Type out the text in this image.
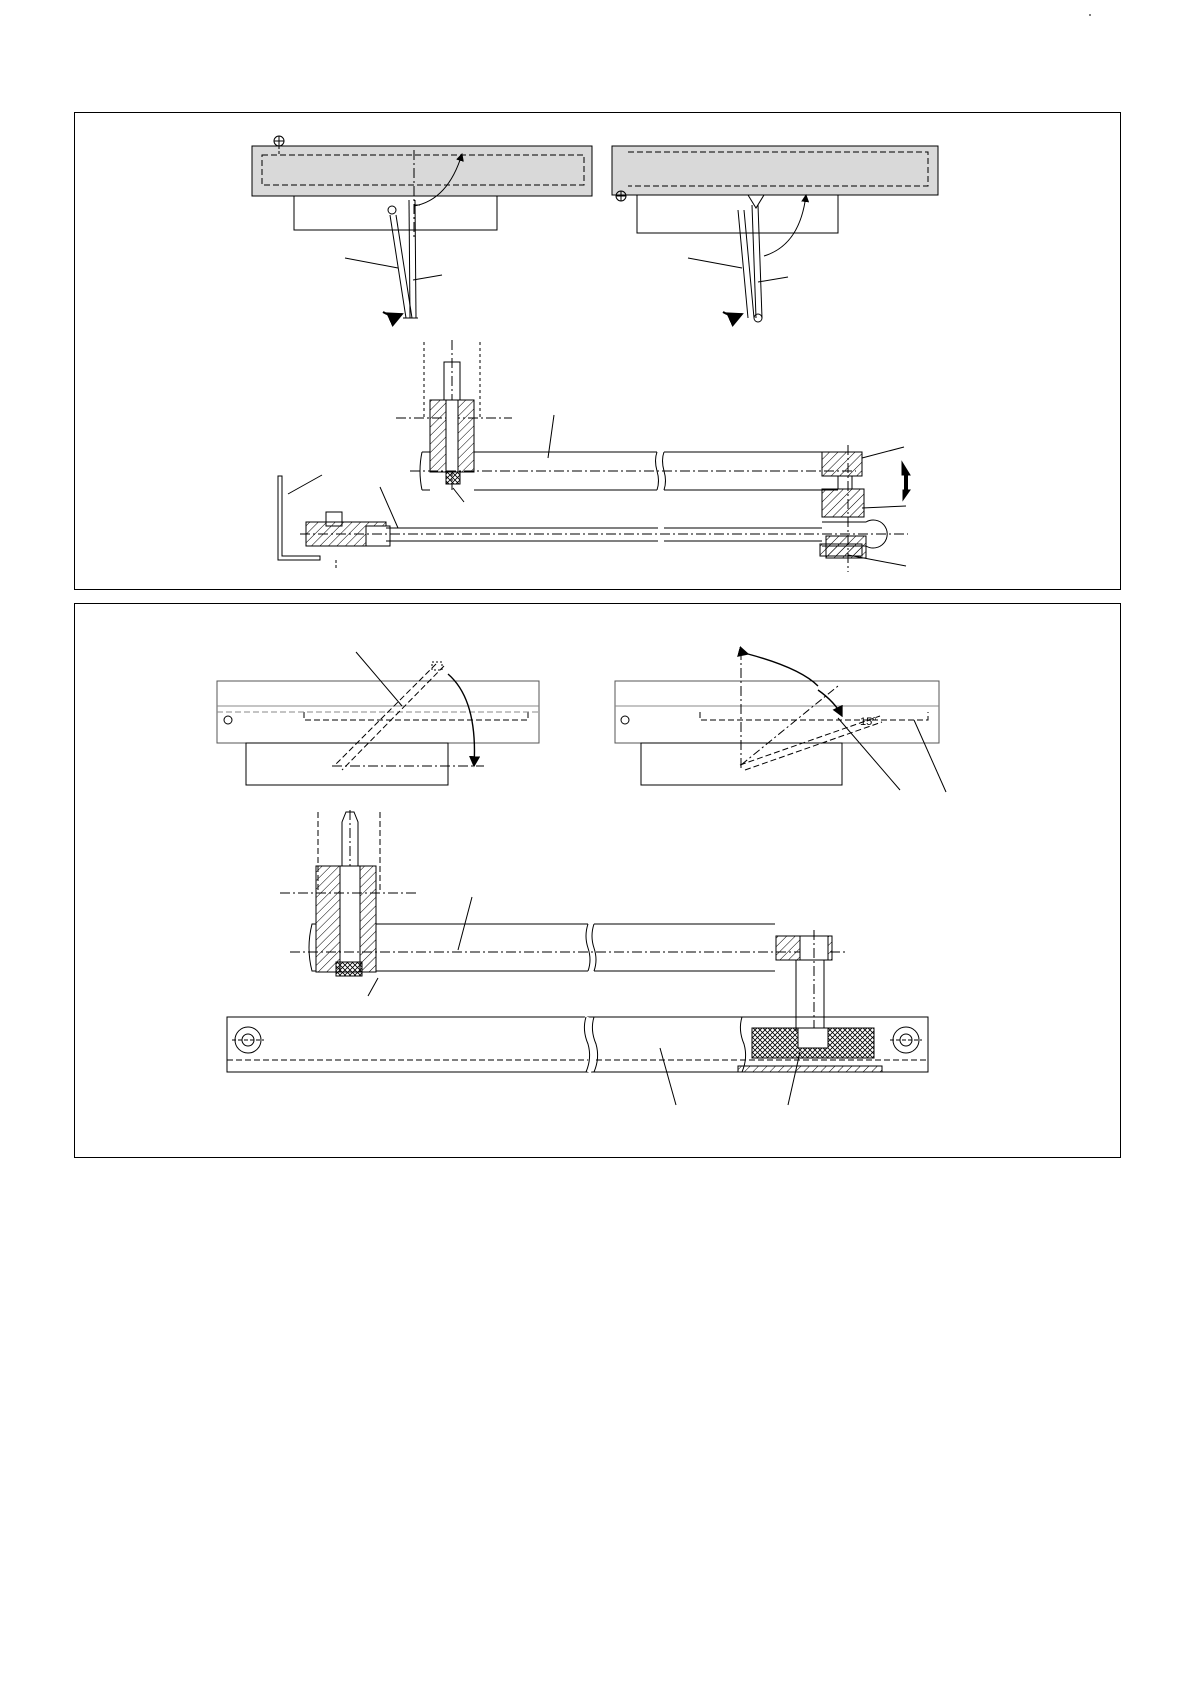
15°
